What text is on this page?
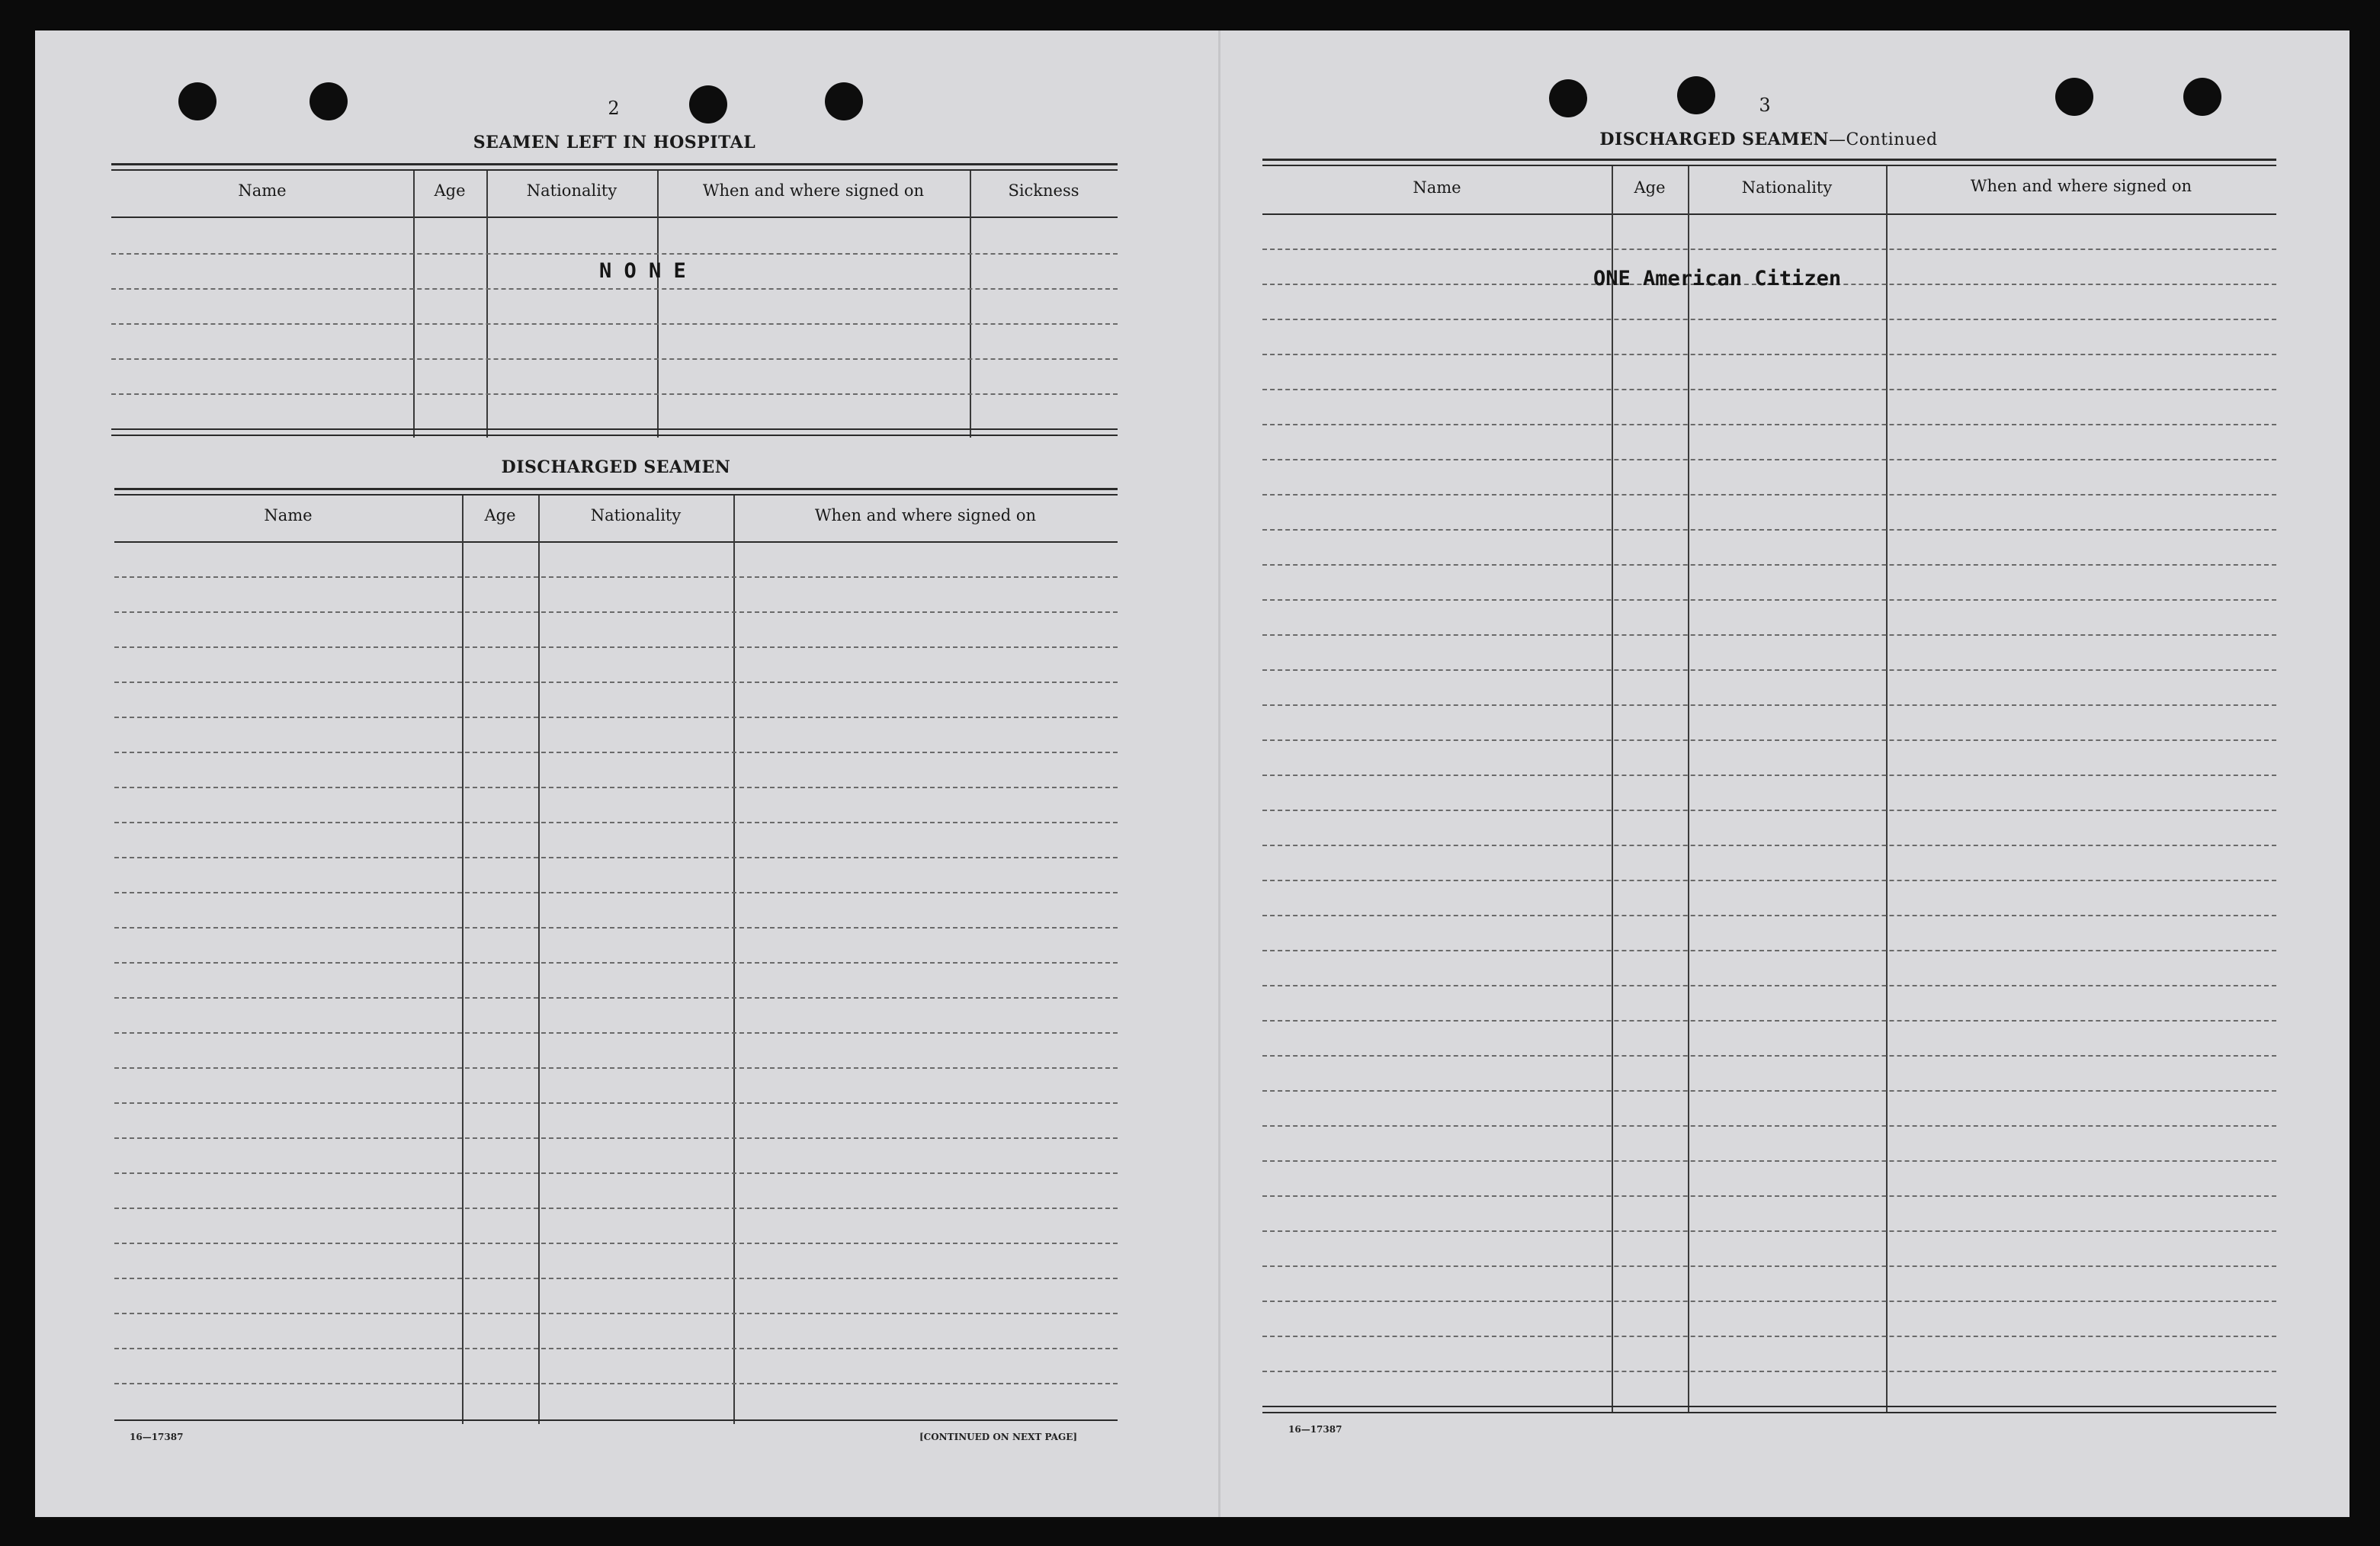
2
SEAMEN LEFT IN HOSPITAL
Name	Age	Nationality	When and where signed on	Sickness
N O N E
DISCHARGED SEAMEN
Name	Age	Nationality	When and where signed on
16—17387	[CONTINUED ON NEXT PAGE]
3
DISCHARGED SEAMEN—Continued
Name	Age	Nationality	When and where signed on
ONE American Citizen
16—17387
